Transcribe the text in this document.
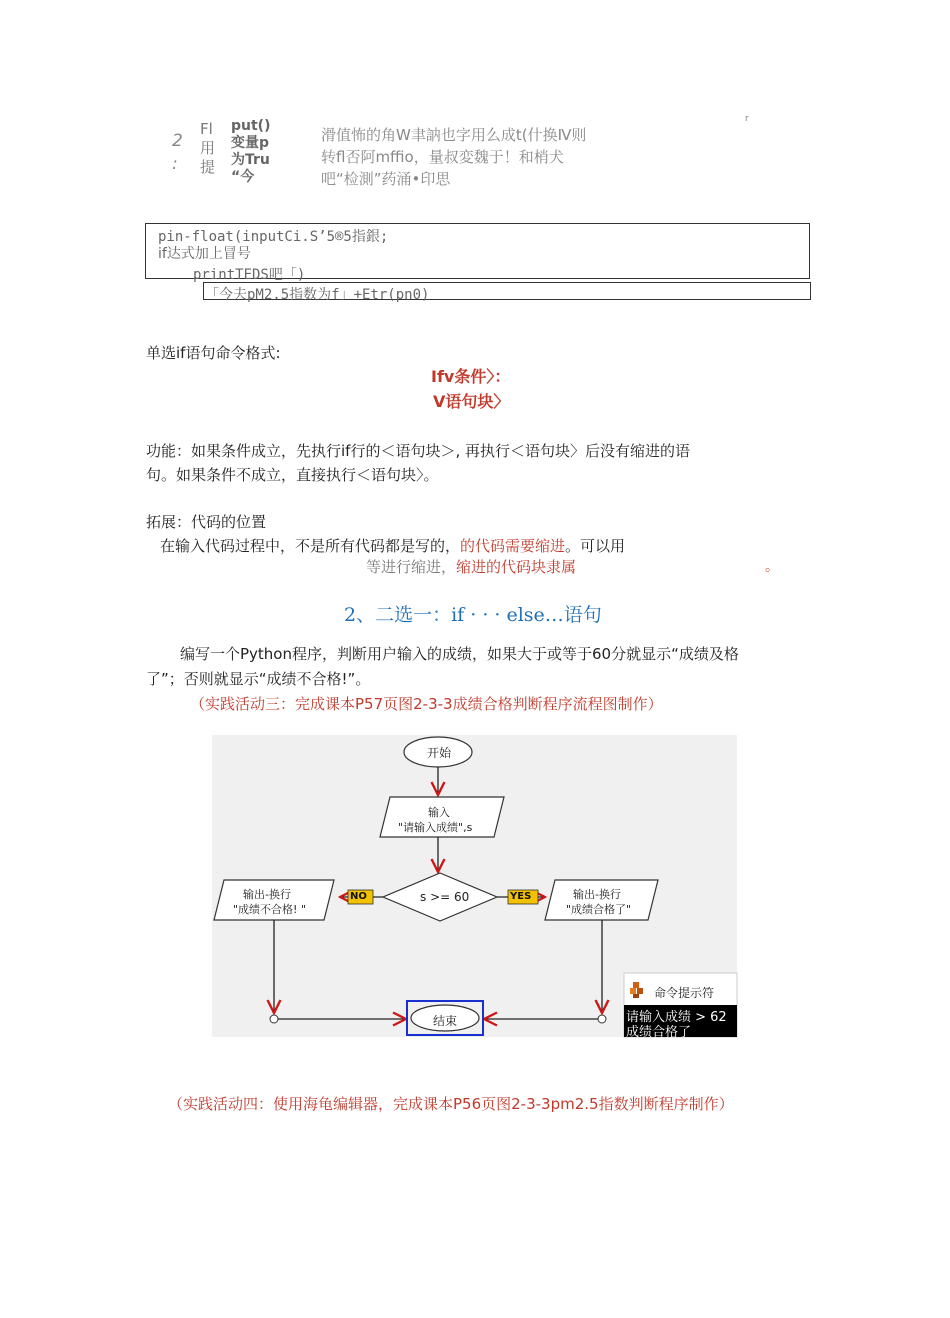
2
:
Fl
用
提
put()
变量p
为Tru
“今
滑值怖的角W聿訥也字用么成t(什换Ⅳ则
转fl否阿mffio，量叔変魏于！和梢犬
吧“检測”药涌•印思
r
pin-float(inputCi.S’5®5指銀;
if达式加上冒号
printTEDS吧「)
「今夫pM2.5指数为f」+Etr(pn0)
单选if语句命令格式:
Ifv条件〉：
V语句块〉
功能：如果条件成立，先执行if行的＜语句块＞, 再执行＜语句块〉后没有缩进的语
句。如果条件不成立，直接执行＜语句块〉。
拓展：代码的位置
在输入代码过程中，不是所有代码都是写的，的代码需要缩进。可以用
等进行缩进，缩进的代码块隶属	。
2、二选一：if · · · else…语句
编写一个Python程序，判断用户输入的成绩，如果大于或等于60分就显示“成绩及格
了”；否则就显示“成绩不合格!”。
（实践活动三：完成课本P57页图2-3-3成绩合格判断程序流程图制作）
开始
输入
"请输入成绩",s
s >= 60
NO	YES
输出-换行
"成绩不合格! "
输出-换行
"成绩合格了"
结束
命令提示符
请输入成绩 > 62
成绩合格了
（实践活动四：使用海龟编辑器，完成课本P56页图2-3-3pm2.5指数判断程序制作）
